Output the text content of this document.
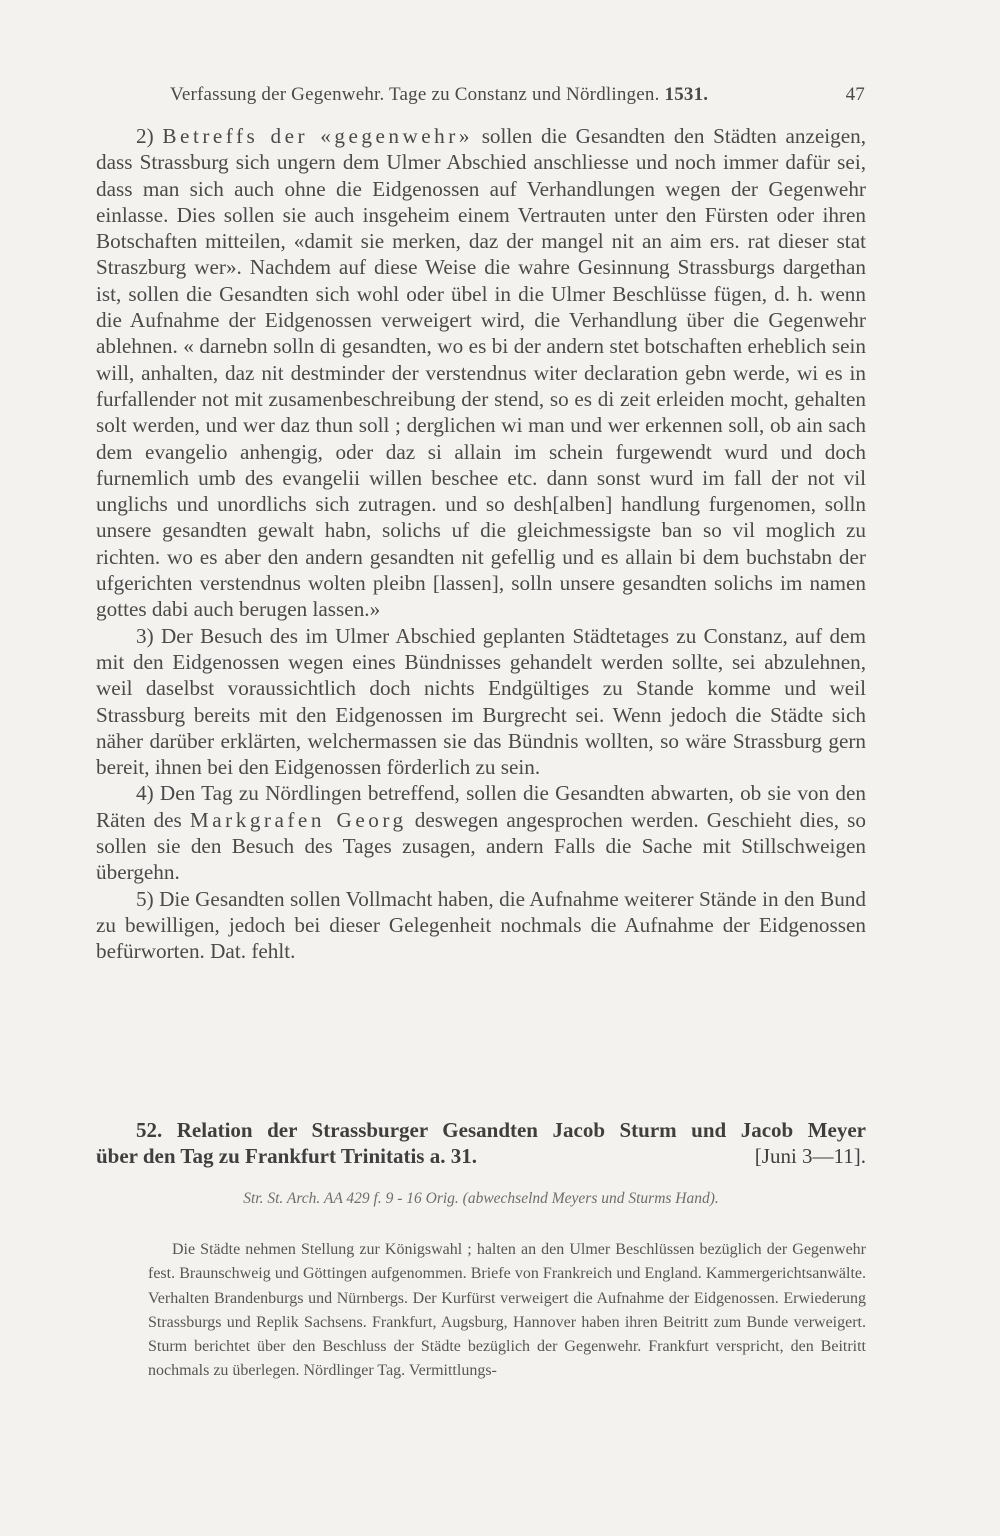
Verfassung der Gegenwehr. Tage zu Constanz und Nördlingen. 1531.	47

2) Betreffs der «gegenwehr» sollen die Gesandten den Städten anzeigen, dass Strassburg sich ungern dem Ulmer Abschied anschliesse und noch immer dafür sei, dass man sich auch ohne die Eidgenossen auf Verhandlungen wegen der Gegenwehr einlasse. Dies sollen sie auch insgeheim einem Vertrauten unter den Fürsten oder ihren Botschaften mitteilen, «damit sie merken, daz der mangel nit an aim ers. rat dieser stat Straszburg wer». Nachdem auf diese Weise die wahre Gesinnung Strassburgs dargethan ist, sollen die Gesandten sich wohl oder übel in die Ulmer Beschlüsse fügen, d. h. wenn die Aufnahme der Eidgenossen verweigert wird, die Verhandlung über die Gegenwehr ablehnen. « darnebn solln di gesandten, wo es bi der andern stet botschaften erheblich sein will, anhalten, daz nit destminder der verstendnus witer declaration gebn werde, wi es in furfallender not mit zusamenbeschreibung der stend, so es di zeit erleiden mocht, gehalten solt werden, und wer daz thun soll ; derglichen wi man und wer erkennen soll, ob ain sach dem evangelio anhengig, oder daz si allain im schein furgewendt wurd und doch furnemlich umb des evangelii willen beschee etc. dann sonst wurd im fall der not vil unglichs und unordlichs sich zutragen. und so desh[alben] handlung furgenomen, solln unsere gesandten gewalt habn, solichs uf die gleichmessigste ban so vil moglich zu richten. wo es aber den andern gesandten nit gefellig und es allain bi dem buchstabn der ufgerichten verstendnus wolten pleibn [lassen], solln unsere gesandten solichs im namen gottes dabi auch berugen lassen.»

3) Der Besuch des im Ulmer Abschied geplanten Städtetages zu Constanz, auf dem mit den Eidgenossen wegen eines Bündnisses gehandelt werden sollte, sei abzulehnen, weil daselbst voraussichtlich doch nichts Endgültiges zu Stande komme und weil Strassburg bereits mit den Eidgenossen im Burgrecht sei. Wenn jedoch die Städte sich näher darüber erklärten, welchermassen sie das Bündnis wollten, so wäre Strassburg gern bereit, ihnen bei den Eidgenossen förderlich zu sein.

4) Den Tag zu Nördlingen betreffend, sollen die Gesandten abwarten, ob sie von den Räten des Markgrafen Georg deswegen angesprochen werden. Geschieht dies, so sollen sie den Besuch des Tages zusagen, andern Falls die Sache mit Stillschweigen übergehn.

5) Die Gesandten sollen Vollmacht haben, die Aufnahme weiterer Stände in den Bund zu bewilligen, jedoch bei dieser Gelegenheit nochmals die Aufnahme der Eidgenossen befürworten. Dat. fehlt.

52. Relation der Strassburger Gesandten Jacob Sturm und Jacob Meyer
über den Tag zu Frankfurt Trinitatis a. 31.	[Juni 3—11].
Str. St. Arch. AA 429 f. 9 - 16 Orig. (abwechselnd Meyers und Sturms Hand).

Die Städte nehmen Stellung zur Königswahl ; halten an den Ulmer Beschlüssen bezüglich der Gegenwehr fest. Braunschweig und Göttingen aufgenommen. Briefe von Frankreich und England. Kammergerichtsanwälte. Verhalten Brandenburgs und Nürnbergs. Der Kurfürst verweigert die Aufnahme der Eidgenossen. Erwiederung Strassburgs und Replik Sachsens. Frankfurt, Augsburg, Hannover haben ihren Beitritt zum Bunde verweigert. Sturm berichtet über den Beschluss der Städte bezüglich der Gegenwehr. Frankfurt verspricht, den Beitritt nochmals zu überlegen. Nördlinger Tag. Vermittlungs-
